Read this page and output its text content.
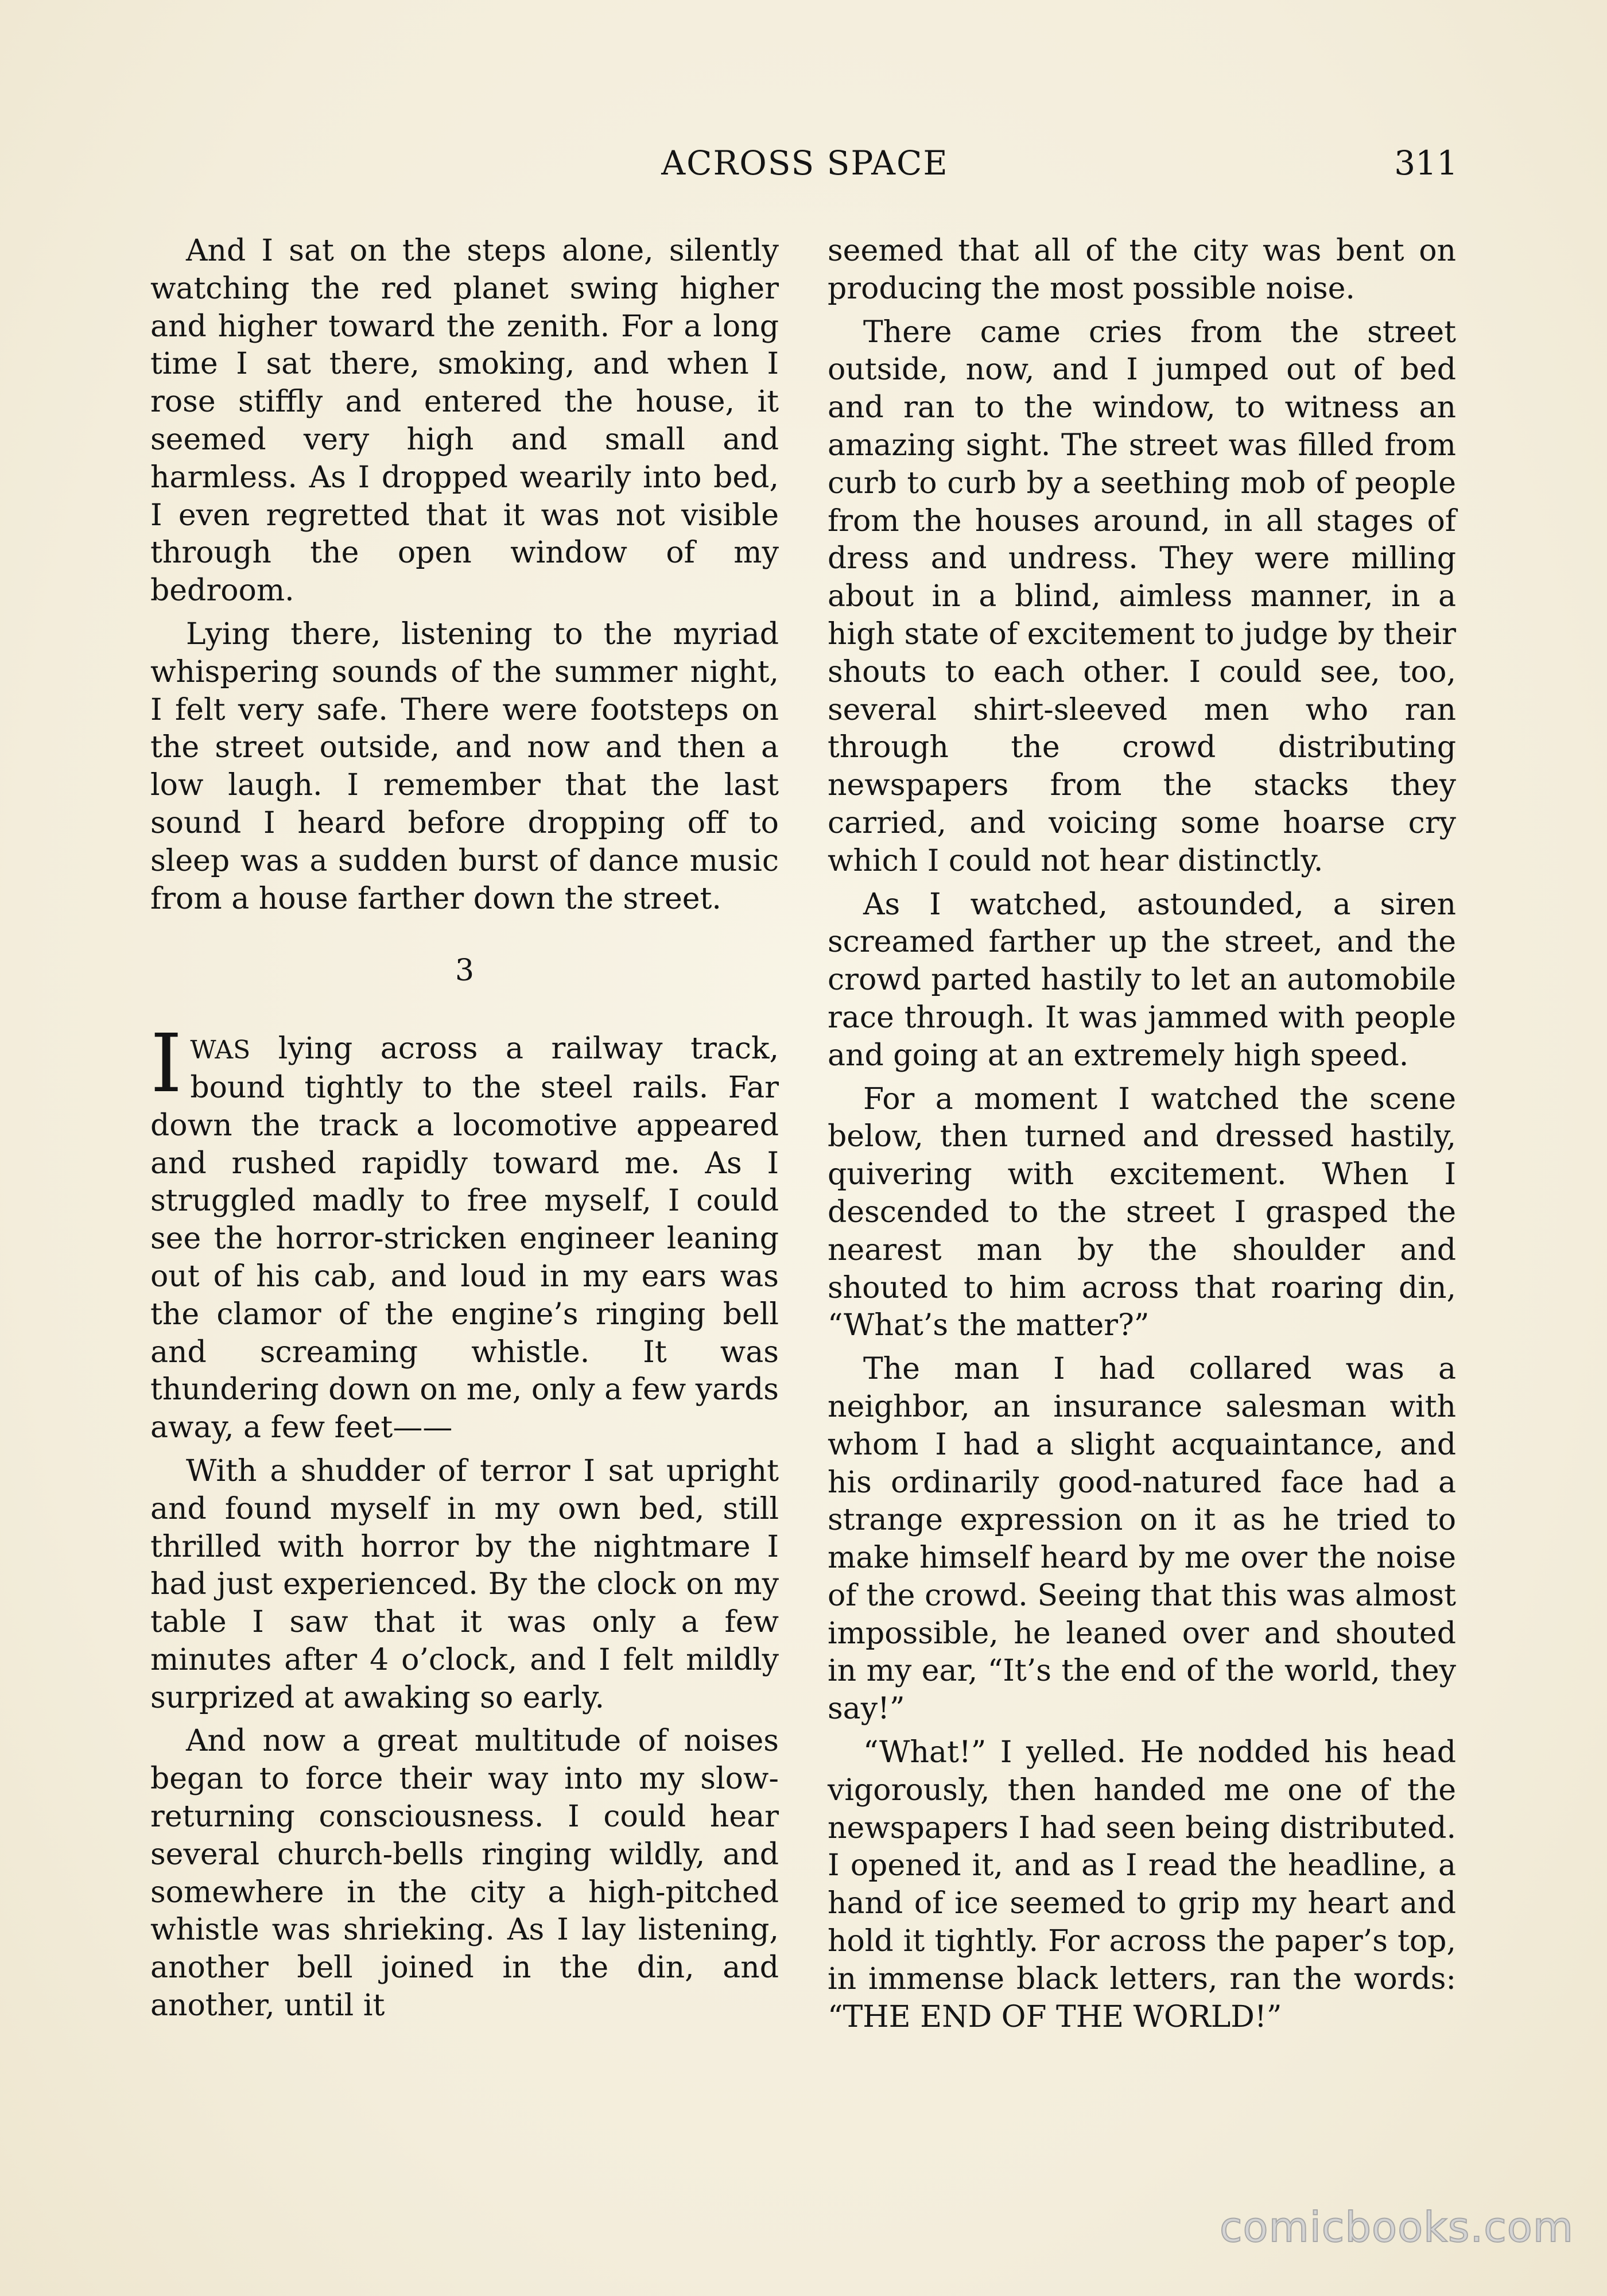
ACROSS SPACE	311

And I sat on the steps alone, silently watching the red planet swing higher and higher toward the zenith. For a long time I sat there, smoking, and when I rose stiffly and entered the house, it seemed very high and small and harmless. As I dropped wearily into bed, I even regretted that it was not visible through the open window of my bedroom.

Lying there, listening to the myriad whispering sounds of the summer night, I felt very safe. There were footsteps on the street outside, and now and then a low laugh. I remember that the last sound I heard before dropping off to sleep was a sudden burst of dance music from a house farther down the street.

3

IWAS lying across a railway track, bound tightly to the steel rails. Far down the track a locomotive appeared and rushed rapidly toward me. As I struggled madly to free myself, I could see the horror-stricken engineer leaning out of his cab, and loud in my ears was the clamor of the engine’s ringing bell and screaming whistle. It was thundering down on me, only a few yards away, a few feet——

With a shudder of terror I sat upright and found myself in my own bed, still thrilled with horror by the nightmare I had just experienced. By the clock on my table I saw that it was only a few minutes after 4 o’clock, and I felt mildly surprized at awaking so early.

And now a great multitude of noises began to force their way into my slow-returning consciousness. I could hear several church-bells ringing wildly, and somewhere in the city a high-pitched whistle was shrieking. As I lay listening, another bell joined in the din, and another, until it

seemed that all of the city was bent on producing the most possible noise.

There came cries from the street outside, now, and I jumped out of bed and ran to the window, to witness an amazing sight. The street was filled from curb to curb by a seething mob of people from the houses around, in all stages of dress and undress. They were milling about in a blind, aimless manner, in a high state of excitement to judge by their shouts to each other. I could see, too, several shirt-sleeved men who ran through the crowd distributing newspapers from the stacks they carried, and voicing some hoarse cry which I could not hear distinctly.

As I watched, astounded, a siren screamed farther up the street, and the crowd parted hastily to let an automobile race through. It was jammed with people and going at an extremely high speed.

For a moment I watched the scene below, then turned and dressed hastily, quivering with excitement. When I descended to the street I grasped the nearest man by the shoulder and shouted to him across that roaring din, “What’s the matter?”

The man I had collared was a neighbor, an insurance salesman with whom I had a slight acquaintance, and his ordinarily good-natured face had a strange expression on it as he tried to make himself heard by me over the noise of the crowd. Seeing that this was almost impossible, he leaned over and shouted in my ear, “It’s the end of the world, they say!”

“What!” I yelled. He nodded his head vigorously, then handed me one of the newspapers I had seen being distributed. I opened it, and as I read the headline, a hand of ice seemed to grip my heart and hold it tightly. For across the paper’s top, in immense black letters, ran the words: “THE END OF THE WORLD!”

comicbooks.com
